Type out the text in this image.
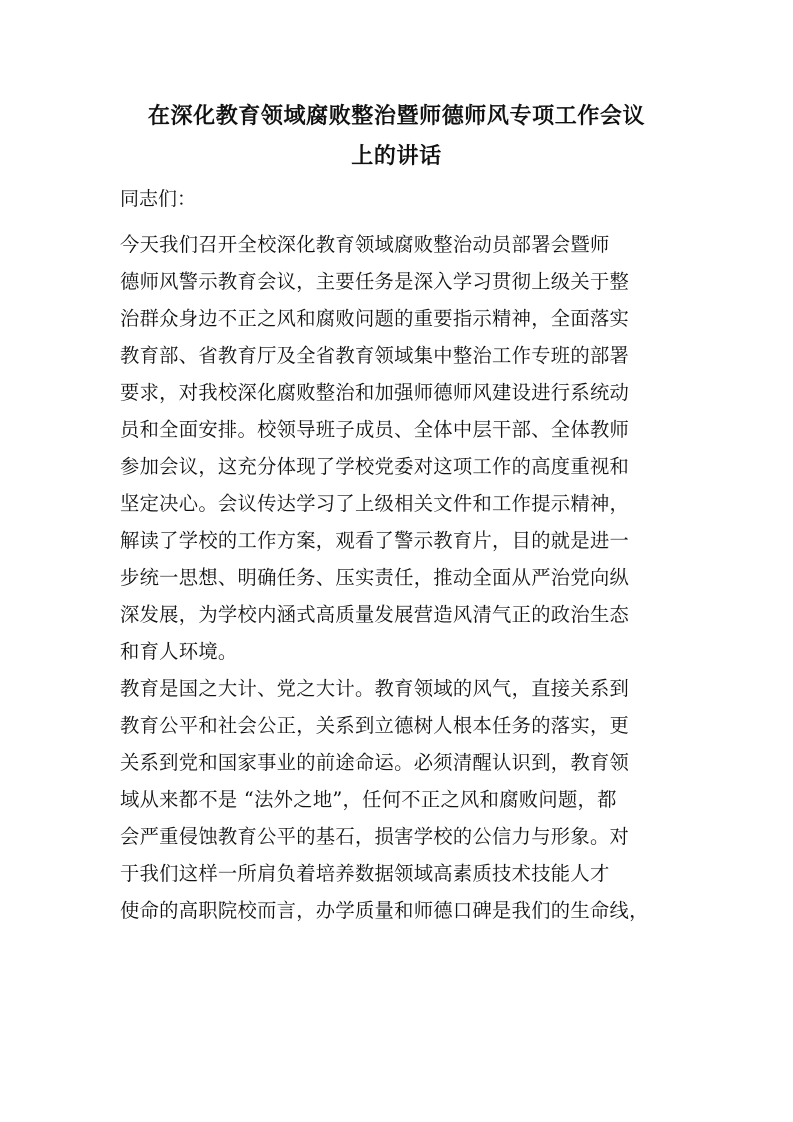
在深化教育领域腐败整治暨师德师风专项工作会议
上的讲话

同志们：

今天我们召开全校深化教育领域腐败整治动员部署会暨师
德师风警示教育会议，主要任务是深入学习贯彻上级关于整
治群众身边不正之风和腐败问题的重要指示精神，全面落实
教育部、省教育厅及全省教育领域集中整治工作专班的部署
要求，对我校深化腐败整治和加强师德师风建设进行系统动
员和全面安排。校领导班子成员、全体中层干部、全体教师
参加会议，这充分体现了学校党委对这项工作的高度重视和
坚定决心。会议传达学习了上级相关文件和工作提示精神，
解读了学校的工作方案，观看了警示教育片，目的就是进一
步统一思想、明确任务、压实责任，推动全面从严治党向纵
深发展，为学校内涵式高质量发展营造风清气正的政治生态
和育人环境。
教育是国之大计、党之大计。教育领域的风气，直接关系到
教育公平和社会公正，关系到立德树人根本任务的落实，更
关系到党和国家事业的前途命运。必须清醒认识到，教育领
域从来都不是 “法外之地”，任何不正之风和腐败问题，都
会严重侵蚀教育公平的基石，损害学校的公信力与形象。对
于我们这样一所肩负着培养数据领域高素质技术技能人才
使命的高职院校而言，办学质量和师德口碑是我们的生命线，
